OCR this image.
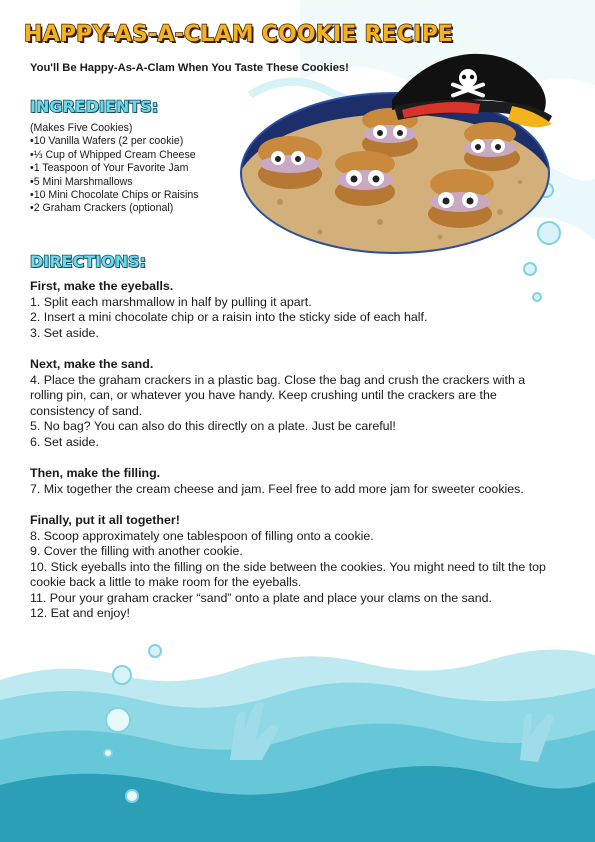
HAPPY-AS-A-CLAM COOKIE RECIPE

You'll Be Happy-As-A-Clam When You Taste These Cookies!

INGREDIENTS:
(Makes Five Cookies)
•10 Vanilla Wafers (2 per cookie)
•⅓ Cup of Whipped Cream Cheese
•1 Teaspoon of Your Favorite Jam
•5 Mini Marshmallows
•10 Mini Chocolate Chips or Raisins
•2 Graham Crackers (optional)
DIRECTIONS:
First, make the eyeballs.

1. Split each marshmallow in half by pulling it apart.

2. Insert a mini chocolate chip or a raisin into the sticky side of each half.

3. Set aside.

Next, make the sand.

4. Place the graham crackers in a plastic bag. Close the bag and crush the crackers with a rolling pin, can, or whatever you have handy. Keep crushing until the crackers are the consistency of sand.

5. No bag? You can also do this directly on a plate. Just be careful!

6. Set aside.

Then, make the filling.

7. Mix together the cream cheese and jam. Feel free to add more jam for sweeter cookies.

Finally, put it all together!

8. Scoop approximately one tablespoon of filling onto a cookie.

9. Cover the filling with another cookie.

10. Stick eyeballs into the filling on the side between the cookies. You might need to tilt the top cookie back a little to make room for the eyeballs.

11. Pour your graham cracker “sand” onto a plate and place your clams on the sand.

12. Eat and enjoy!
